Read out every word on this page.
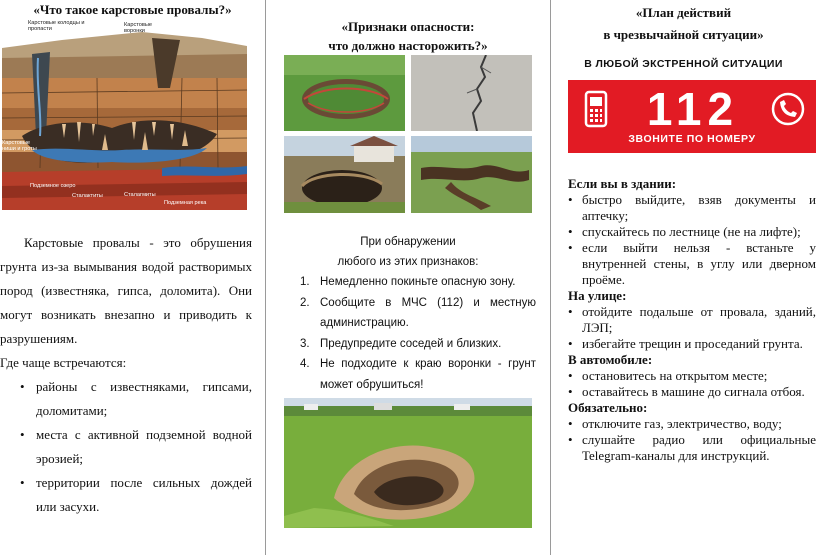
«Что такое карстовые провалы?»
Карстовые колодцы и пропасти
Карстовые воронки
Карстовые ниши и гроты
Подземное озеро
Сталактиты	Сталагмиты
Подземная река

Карстовые провалы - это обрушения грунта из-за вымывания водой растворимых пород (известняка, гипса, доломита). Они могут возникать внезапно и приводить к разрушениям.

Где чаще встречаются:

• районы с известняками, гипсами, доломитами;
• места с активной подземной водной эрозией;
• территории после сильных дождей или засухи.
«Признаки опасности:
что должно насторожить?»
При обнаружении
любого из этих признаков:
1. Немедленно покиньте опасную зону.
2. Сообщите в МЧС (112) и местную администрацию.
3. Предупредите соседей и близких.
4. Не подходите к краю воронки - грунт может обрушиться!
«План действий
в чрезвычайной ситуации»
В ЛЮБОЙ ЭКСТРЕННОЙ СИТУАЦИИ
112
ЗВОНИТЕ ПО НОМЕРУ
Если вы в здании:
• быстро выйдите, взяв документы и аптечку;
• спускайтесь по лестнице (не на лифте);
• если выйти нельзя - встаньте у внутренней стены, в углу или дверном проёме.
На улице:
• отойдите подальше от провала, зданий, ЛЭП;
• избегайте трещин и проседаний грунта.
В автомобиле:
• остановитесь на открытом месте;
• оставайтесь в машине до сигнала отбоя.
Обязательно:
• отключите газ, электричество, воду;
• слушайте радио или официальные Telegram-каналы для инструкций.
